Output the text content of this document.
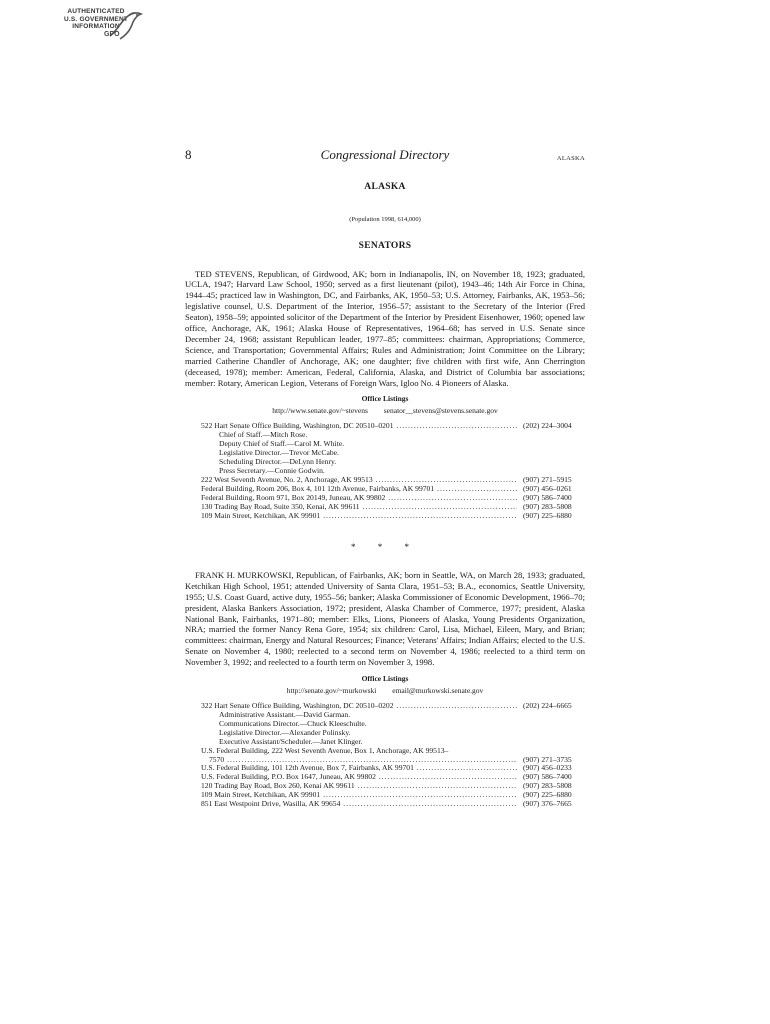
AUTHENTICATED
U.S. GOVERNMENT
INFORMATION
GPO
8	Congressional Directory	ALASKA
ALASKA
(Population 1998, 614,000)
SENATORS

TED STEVENS, Republican, of Girdwood, AK; born in Indianapolis, IN, on November 18, 1923; graduated, UCLA, 1947; Harvard Law School, 1950; served as a first lieutenant (pilot), 1943–46; 14th Air Force in China, 1944–45; practiced law in Washington, DC, and Fairbanks, AK, 1950–53; U.S. Attorney, Fairbanks, AK, 1953–56; legislative counsel, U.S. Department of the Interior, 1956–57; assistant to the Secretary of the Interior (Fred Seaton), 1958–59; appointed solicitor of the Department of the Interior by President Eisenhower, 1960; opened law office, Anchorage, AK, 1961; Alaska House of Representatives, 1964–68; has served in U.S. Senate since December 24, 1968; assistant Republican leader, 1977–85; committees: chairman, Appropriations; Commerce, Science, and Transportation; Governmental Affairs; Rules and Administration; Joint Committee on the Library; married Catherine Chandler of Anchorage, AK; one daughter; five children with first wife, Ann Cherrington (deceased, 1978); member: American, Federal, California, Alaska, and District of Columbia bar associations; member: Rotary, American Legion, Veterans of Foreign Wars, Igloo No. 4 Pioneers of Alaska.

Office Listings
http://www.senate.gov/~stevens senator__stevens@stevens.senate.gov
522 Hart Senate Office Building, Washington, DC 20510–0201 .....	(202) 224–3004
Chief of Staff.—Mitch Rose.
Deputy Chief of Staff.—Carol M. White.
Legislative Director.—Trevor McCabe.
Scheduling Director.—DeLynn Henry.
Press Secretary.—Connie Godwin.
222 West Seventh Avenue, No. 2, Anchorage, AK 99513 .....	(907) 271–5915
Federal Building, Room 206, Box 4, 101 12th Avenue, Fairbanks, AK 99701 .....	(907) 456–0261
Federal Building, Room 971, Box 20149, Juneau, AK 99802 .....	(907) 586–7400
130 Trading Bay Road, Suite 350, Kenai, AK 99611 .....	(907) 283–5808
109 Main Street, Ketchikan, AK 99901 .....	(907) 225–6880
* * *

FRANK H. MURKOWSKI, Republican, of Fairbanks, AK; born in Seattle, WA, on March 28, 1933; graduated, Ketchikan High School, 1951; attended University of Santa Clara, 1951–53; B.A., economics, Seattle University, 1955; U.S. Coast Guard, active duty, 1955–56; banker; Alaska Commissioner of Economic Development, 1966–70; president, Alaska Bankers Association, 1972; president, Alaska Chamber of Commerce, 1977; president, Alaska National Bank, Fairbanks, 1971–80; member: Elks, Lions, Pioneers of Alaska, Young Presidents Organization, NRA; married the former Nancy Rena Gore, 1954; six children: Carol, Lisa, Michael, Eileen, Mary, and Brian; committees: chairman, Energy and Natural Resources; Finance; Veterans' Affairs; Indian Affairs; elected to the U.S. Senate on November 4, 1980; reelected to a second term on November 4, 1986; reelected to a third term on November 3, 1992; and reelected to a fourth term on November 3, 1998.

Office Listings
http://senate.gov/~murkowski email@murkowski.senate.gov
322 Hart Senate Office Building, Washington, DC 20510–0202 .....	(202) 224–6665
Administrative Assistant.—David Garman.
Communications Director.—Chuck Kleeschulte.
Legislative Director.—Alexander Polinsky.
Executive Assistant/Scheduler.—Janet Klinger.
U.S. Federal Building, 222 West Seventh Avenue, Box 1, Anchorage, AK 99513–
7570 .....	(907) 271–3735
U.S. Federal Building, 101 12th Avenue, Box 7, Fairbanks, AK 99701 .....	(907) 456–0233
U.S. Federal Building, P.O. Box 1647, Juneau, AK 99802 .....	(907) 586–7400
120 Trading Bay Road, Box 260, Kenai AK 99611 .....	(907) 283–5808
109 Main Street, Ketchikan, AK 99901 .....	(907) 225–6880
851 East Westpoint Drive, Wasilla, AK 99654 .....	(907) 376–7665
